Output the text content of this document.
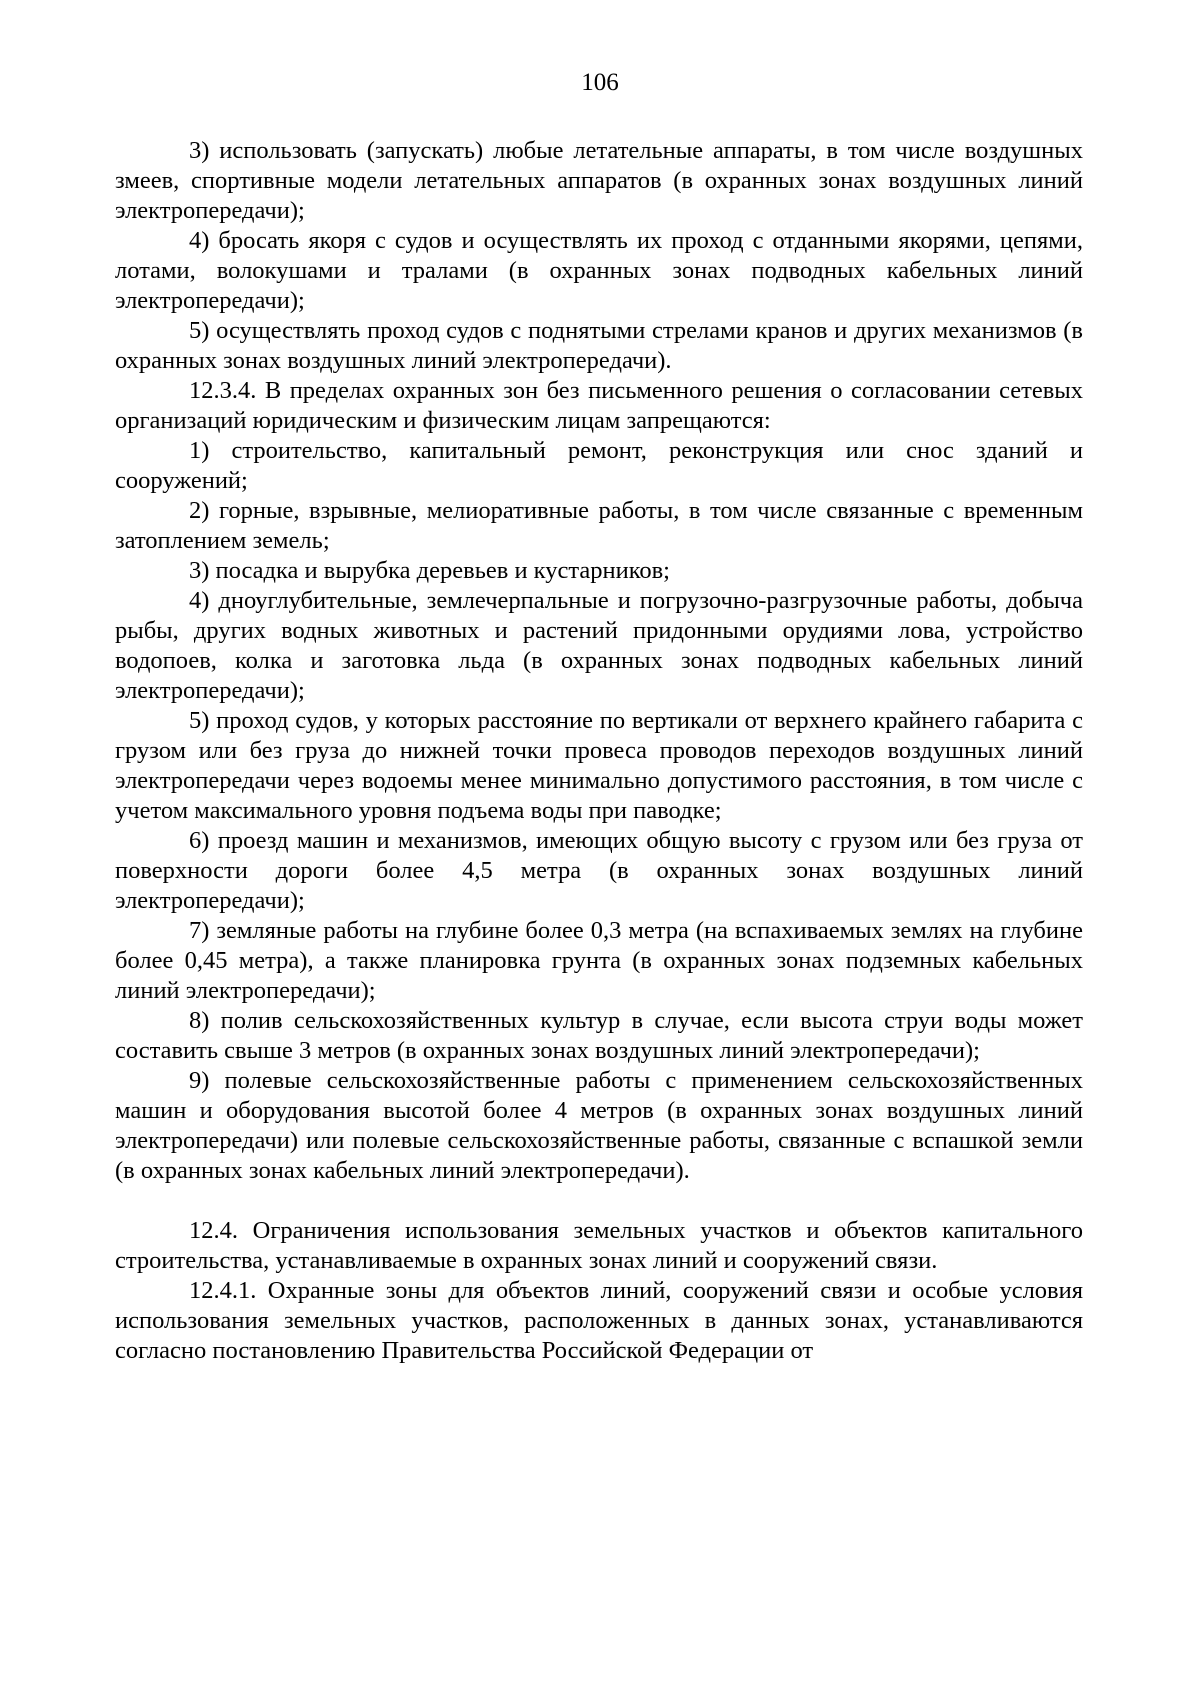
106

3) использовать (запускать) любые летательные аппараты, в том числе воздушных змеев, спортивные модели летательных аппаратов (в охранных зонах воздушных линий электропередачи);

4) бросать якоря с судов и осуществлять их проход с отданными якорями, цепями, лотами, волокушами и тралами (в охранных зонах подводных кабельных линий электропередачи);

5) осуществлять проход судов с поднятыми стрелами кранов и других механизмов (в охранных зонах воздушных линий электропередачи).

12.3.4. В пределах охранных зон без письменного решения о согласовании сетевых организаций юридическим и физическим лицам запрещаются:

1) строительство, капитальный ремонт, реконструкция или снос зданий и сооружений;

2) горные, взрывные, мелиоративные работы, в том числе связанные с временным затоплением земель;

3) посадка и вырубка деревьев и кустарников;

4) дноуглубительные, землечерпальные и погрузочно-разгрузочные работы, добыча рыбы, других водных животных и растений придонными орудиями лова, устройство водопоев, колка и заготовка льда (в охранных зонах подводных кабельных линий электропередачи);

5) проход судов, у которых расстояние по вертикали от верхнего крайнего габарита с грузом или без груза до нижней точки провеса проводов переходов воздушных линий электропередачи через водоемы менее минимально допустимого расстояния, в том числе с учетом максимального уровня подъема воды при паводке;

6) проезд машин и механизмов, имеющих общую высоту с грузом или без груза от поверхности дороги более 4,5 метра (в охранных зонах воздушных линий электропередачи);

7) земляные работы на глубине более 0,3 метра (на вспахиваемых землях на глубине более 0,45 метра), а также планировка грунта (в охранных зонах подземных кабельных линий электропередачи);

8) полив сельскохозяйственных культур в случае, если высота струи воды может составить свыше 3 метров (в охранных зонах воздушных линий электропередачи);

9) полевые сельскохозяйственные работы с применением сельскохозяйственных машин и оборудования высотой более 4 метров (в охранных зонах воздушных линий электропередачи) или полевые сельскохозяйственные работы, связанные с вспашкой земли (в охранных зонах кабельных линий электропередачи).

12.4. Ограничения использования земельных участков и объектов капитального строительства, устанавливаемые в охранных зонах линий и сооружений связи.

12.4.1. Охранные зоны для объектов линий, сооружений связи и особые условия использования земельных участков, расположенных в данных зонах, устанавливаются согласно постановлению Правительства Российской Федерации от
